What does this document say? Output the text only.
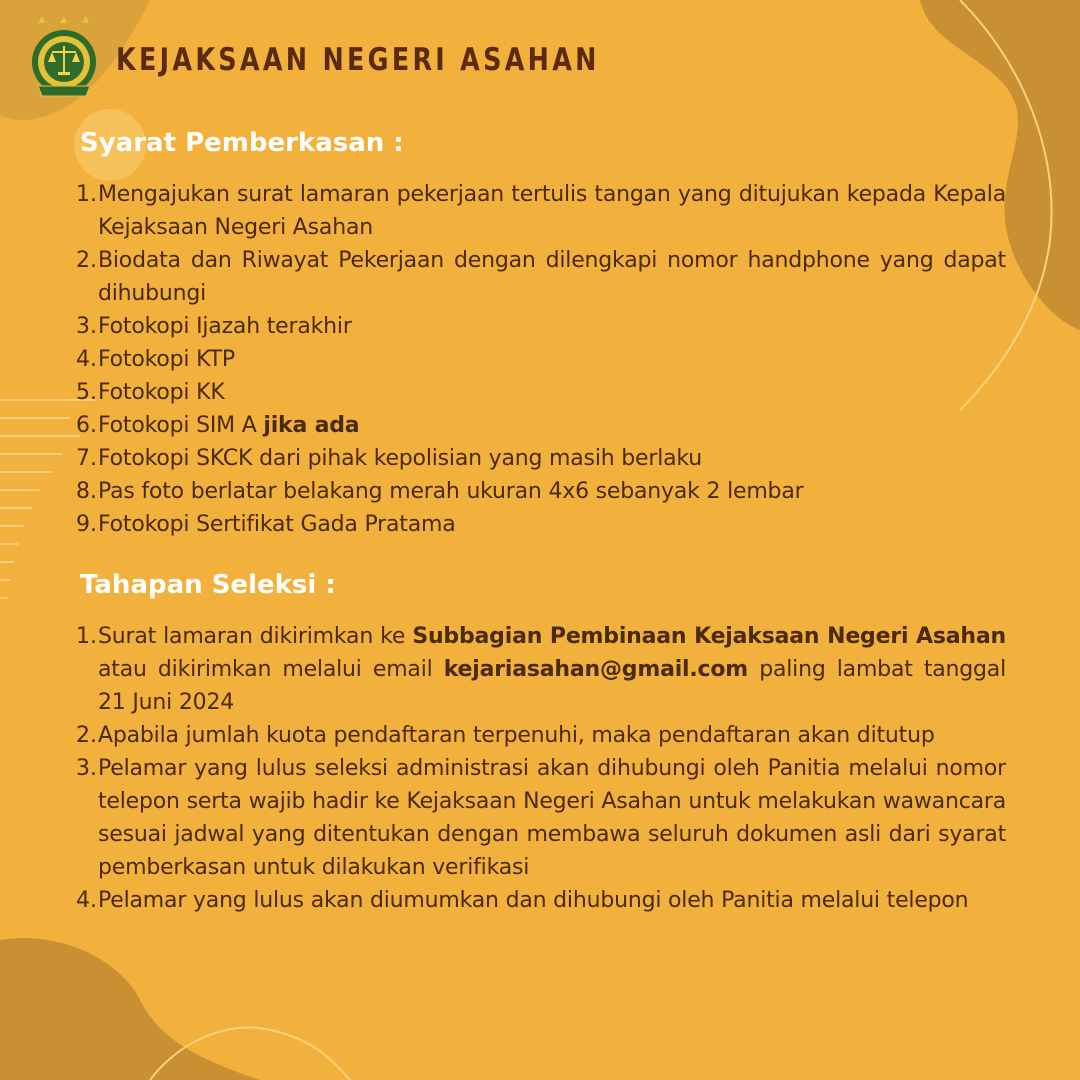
KEJAKSAAN NEGERI ASAHAN
Syarat Pemberkasan :
1. Mengajukan surat lamaran pekerjaan tertulis tangan yang ditujukan kepada Kepala Kejaksaan Negeri Asahan
2. Biodata dan Riwayat Pekerjaan dengan dilengkapi nomor handphone yang dapat dihubungi
3. Fotokopi Ijazah terakhir
4. Fotokopi KTP
5. Fotokopi KK
6. Fotokopi SIM A jika ada
7. Fotokopi SKCK dari pihak kepolisian yang masih berlaku
8. Pas foto berlatar belakang merah ukuran 4x6 sebanyak 2 lembar
9. Fotokopi Sertifikat Gada Pratama
Tahapan Seleksi :
1. Surat lamaran dikirimkan ke Subbagian Pembinaan Kejaksaan Negeri Asahan atau dikirimkan melalui email kejariasahan@gmail.com paling lambat tanggal 21 Juni 2024
2. Apabila jumlah kuota pendaftaran terpenuhi, maka pendaftaran akan ditutup
3. Pelamar yang lulus seleksi administrasi akan dihubungi oleh Panitia melalui nomor telepon serta wajib hadir ke Kejaksaan Negeri Asahan untuk melakukan wawancara sesuai jadwal yang ditentukan dengan membawa seluruh dokumen asli dari syarat pemberkasan untuk dilakukan verifikasi
4. Pelamar yang lulus akan diumumkan dan dihubungi oleh Panitia melalui telepon
